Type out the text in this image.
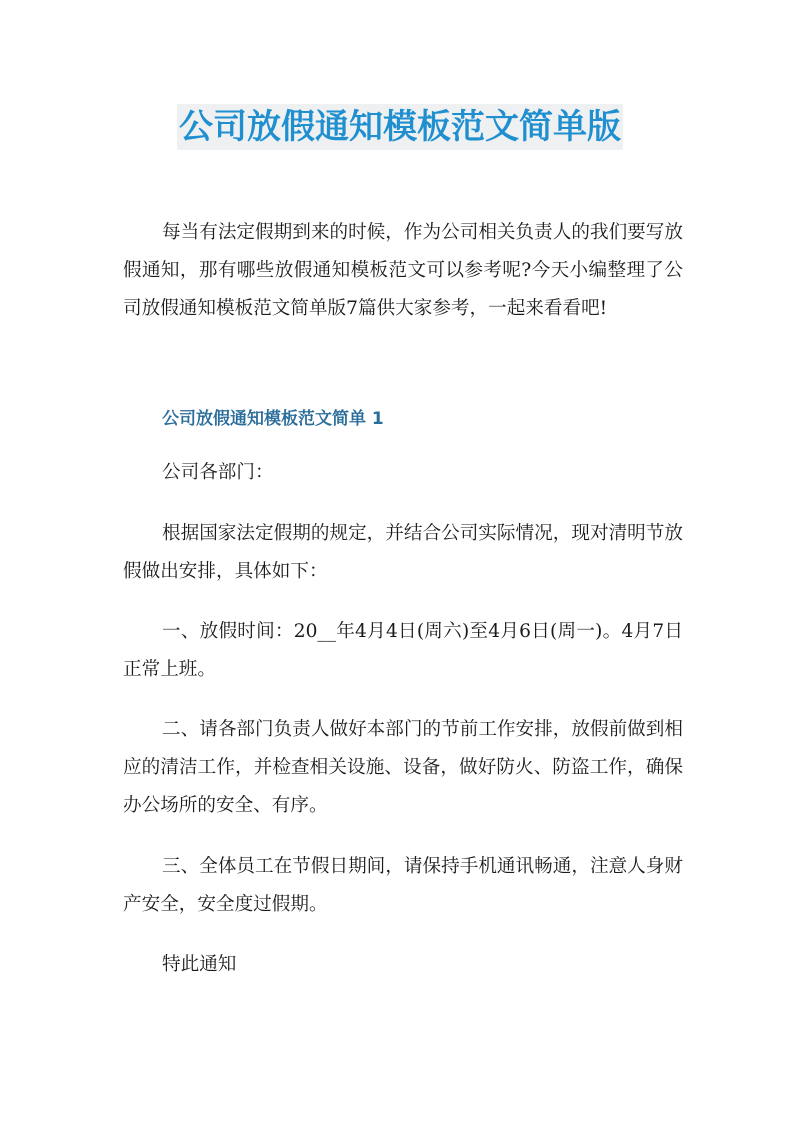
公司放假通知模板范文简单版

每当有法定假期到来的时候，作为公司相关负责人的我们要写放假通知，那有哪些放假通知模板范文可以参考呢?今天小编整理了公司放假通知模板范文简单版7篇供大家参考，一起来看看吧!

公司放假通知模板范文简单 1

公司各部门：

根据国家法定假期的规定，并结合公司实际情况，现对清明节放假做出安排，具体如下：

一、放假时间：20__年4月4日(周六)至4月6日(周一)。4月7日正常上班。

二、请各部门负责人做好本部门的节前工作安排，放假前做到相应的清洁工作，并检查相关设施、设备，做好防火、防盗工作，确保办公场所的安全、有序。

三、全体员工在节假日期间，请保持手机通讯畅通，注意人身财产安全，安全度过假期。

特此通知
